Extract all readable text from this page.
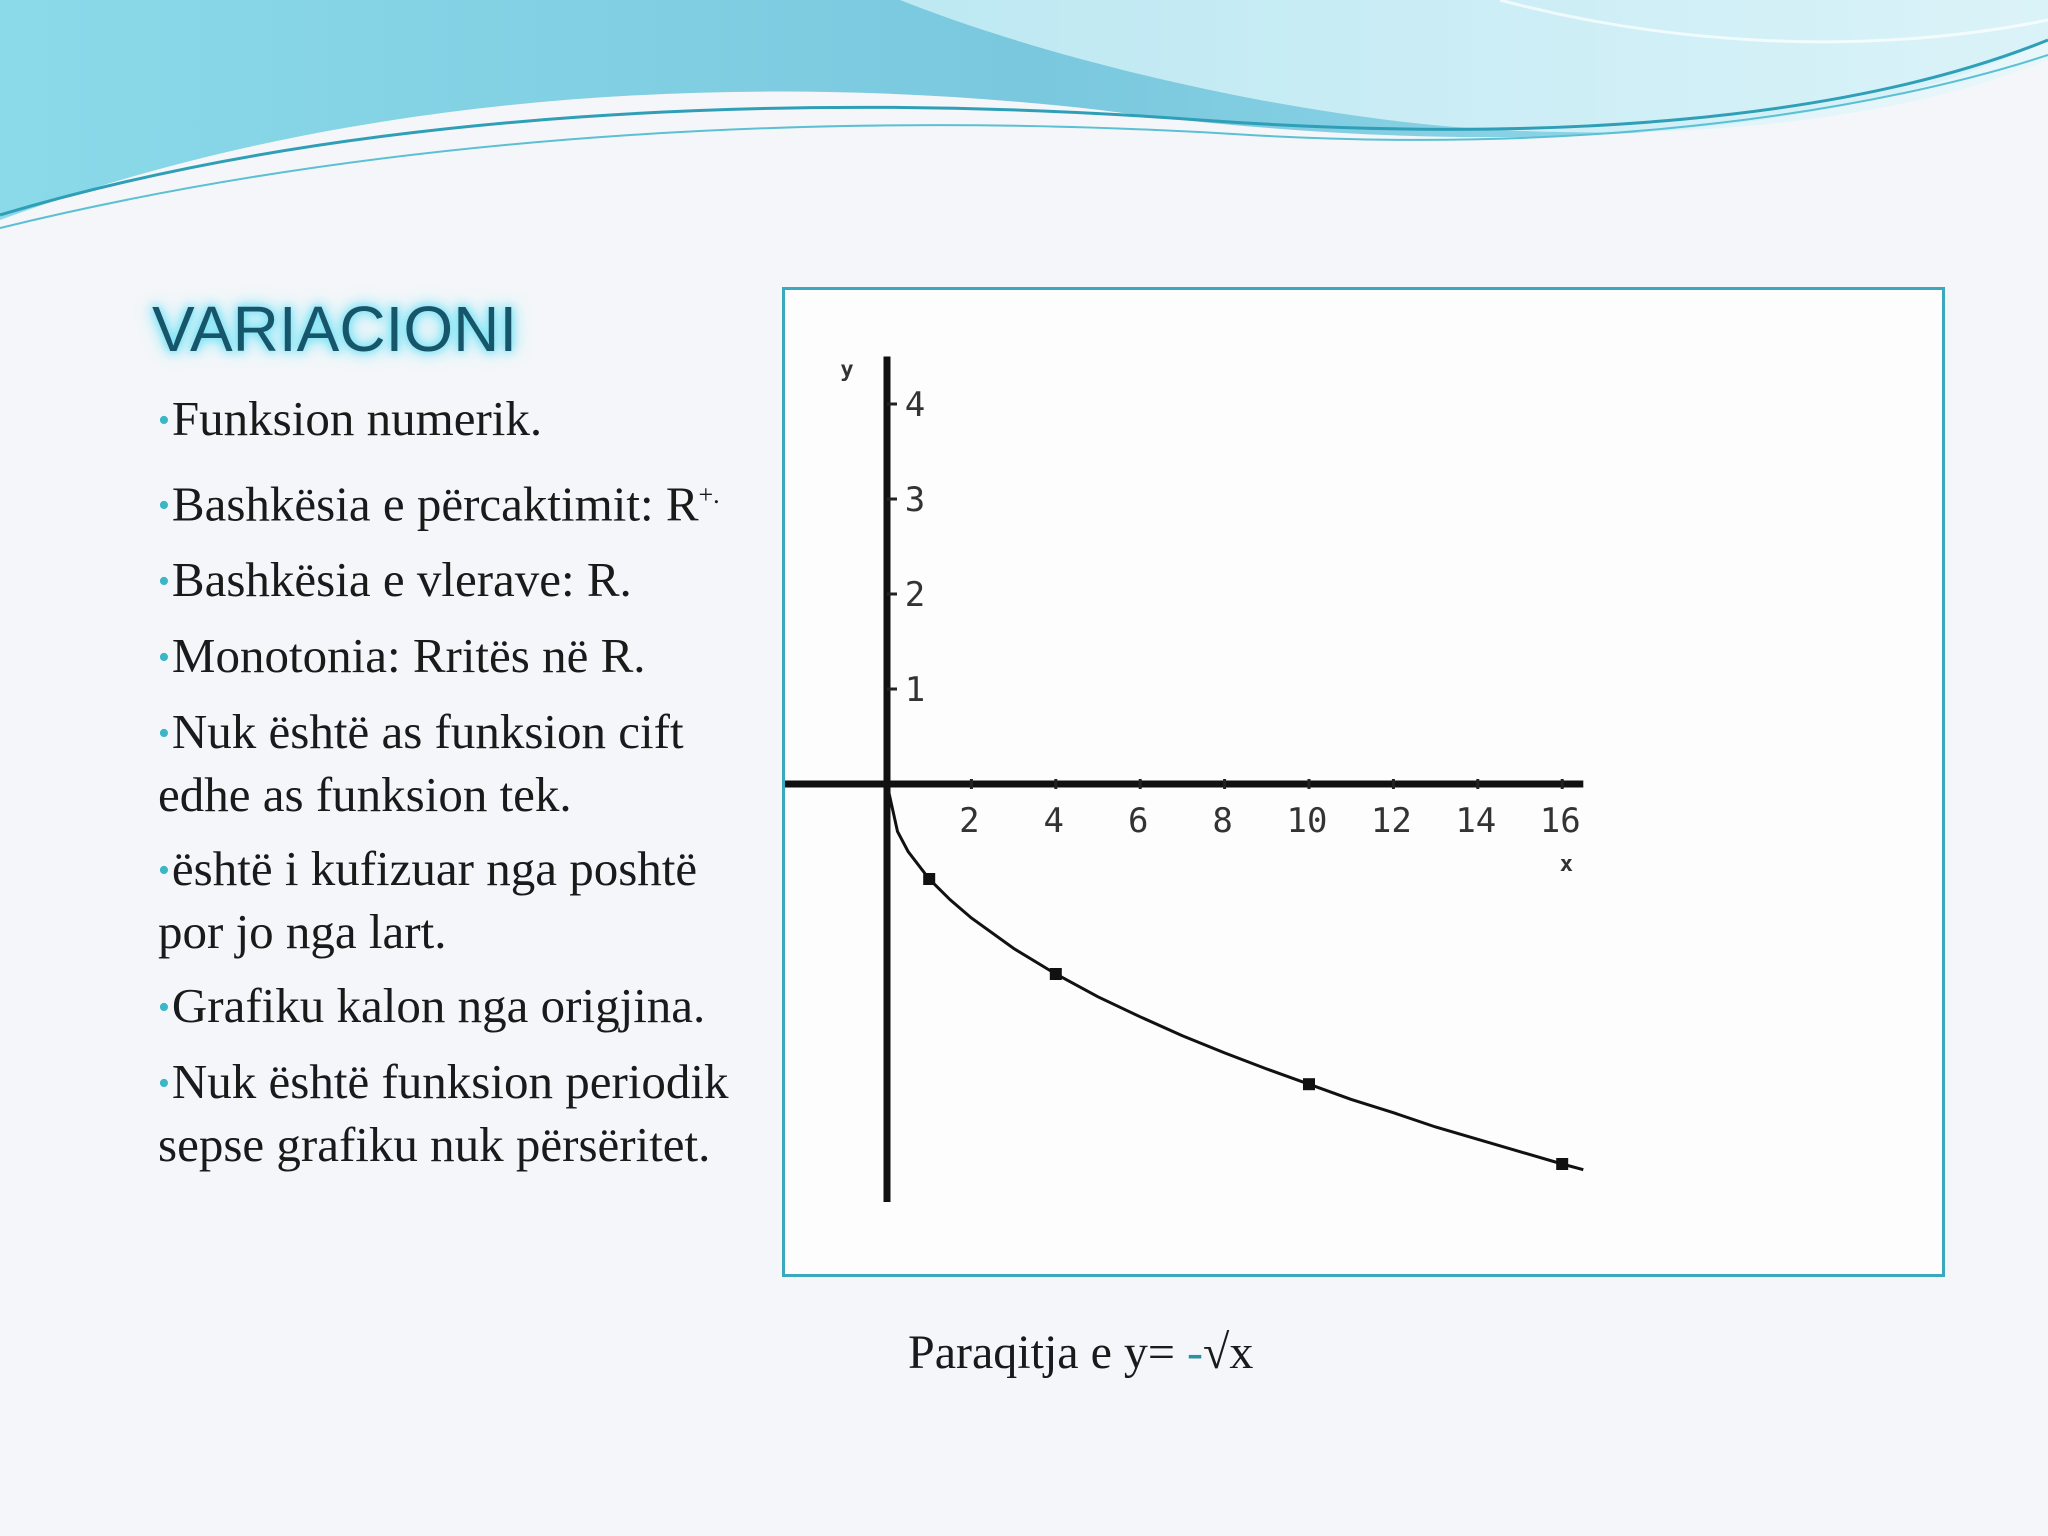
VARIACIONI
•Funksion numerik.
•Bashkësia e përcaktimit: R+.
•Bashkësia e vlerave: R.
•Monotonia: Rritës në R.
•Nuk është as funksion cift edhe as funksion tek.
•është i kufizuar nga poshtë por jo nga lart.
•Grafiku kalon nga origjina.
•Nuk është funksion periodik sepse grafiku nuk përsëritet.
2 4 6 8 10 12 14 16
1
2
3
4
x
y
Paraqitja e y= -√x
